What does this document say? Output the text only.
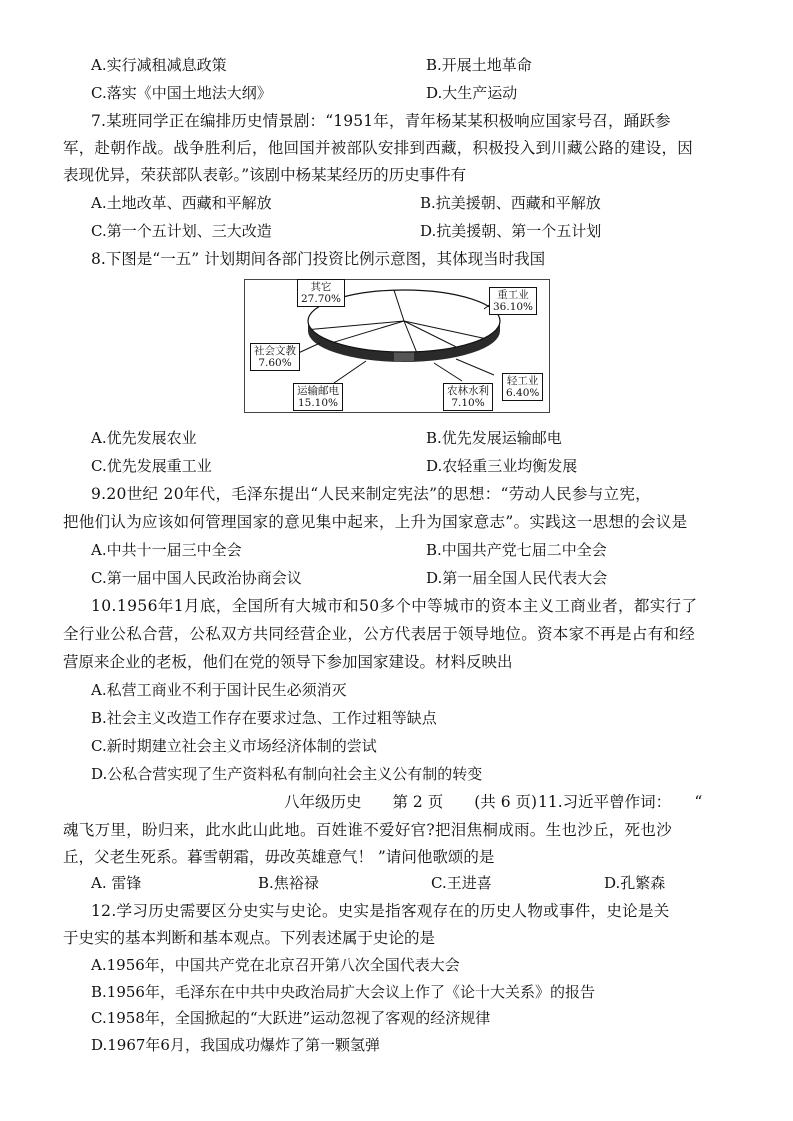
A.实行减租减息政策	B.开展土地革命
C.落实《中国土地法大纲》	D.大生产运动
7.某班同学正在编排历史情景剧：“1951年，青年杨某某积极响应国家号召，踊跃参
军，赴朝作战。战争胜利后，他回国并被部队安排到西藏，积极投入到川藏公路的建设，因
表现优异，荣获部队表彰。”该剧中杨某某经历的历史事件有
A.土地改革、西藏和平解放	B.抗美援朝、西藏和平解放
C.第一个五计划、三大改造	D.抗美援朝、第一个五计划
8.下图是“一五” 计划期间各部门投资比例示意图，其体现当时我国
其它
27.70%	重工业
36.10%
轻工业
6.40%
农林水利
7.10%
运输邮电
15.10%
社会文教
7.60%
A.优先发展农业	B.优先发展运输邮电
C.优先发展重工业	D.农轻重三业均衡发展
9.20世纪 20年代，毛泽东提出“人民来制定宪法”的思想：“劳动人民参与立宪，
把他们认为应该如何管理国家的意见集中起来，上升为国家意志”。实践这一思想的会议是
A.中共十一届三中全会	B.中国共产党七届二中全会
C.第一届中国人民政治协商会议	D.第一届全国人民代表大会
10.1956年1月底，全国所有大城市和50多个中等城市的资本主义工商业者，都实行了
全行业公私合营，公私双方共同经营企业，公方代表居于领导地位。资本家不再是占有和经
营原来企业的老板，他们在党的领导下参加国家建设。材料反映出
A.私营工商业不利于国计民生必须消灭
B.社会主义改造工作存在要求过急、工作过粗等缺点
C.新时期建立社会主义市场经济体制的尝试
D.公私合营实现了生产资料私有制向社会主义公有制的转变
八年级历史　　第 2 页　　(共 6 页) 11.习近平曾作词：　　“
魂飞万里，盼归来，此水此山此地。百姓谁不爱好官?把泪焦桐成雨。生也沙丘，死也沙
丘，父老生死系。暮雪朝霜，毋改英雄意气！ ”请问他歌颂的是
A. 雷锋	B.焦裕禄	C.王进喜	D.孔繁森
12.学习历史需要区分史实与史论。史实是指客观存在的历史人物或事件，史论是关
于史实的基本判断和基本观点。下列表述属于史论的是
A.1956年，中国共产党在北京召开第八次全国代表大会
B.1956年，毛泽东在中共中央政治局扩大会议上作了《论十大关系》的报告
C.1958年，全国掀起的“大跃进”运动忽视了客观的经济规律
D.1967年6月，我国成功爆炸了第一颗氢弹
